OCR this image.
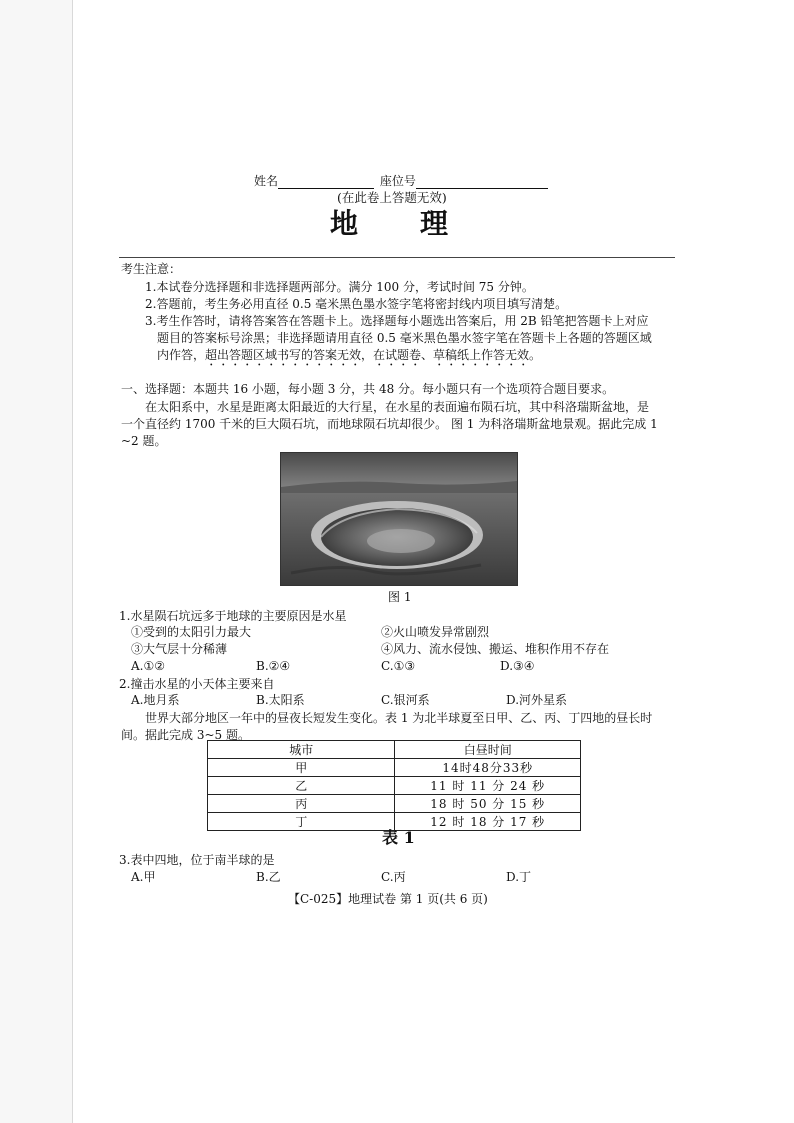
姓名	座位号
(在此卷上答题无效)
地　　理
考生注意：
1.本试卷分选择题和非选择题两部分。满分 100 分，考试时间 75 分钟。
2.答题前，考生务必用直径 0.5 毫米黑色墨水签字笔将密封线内项目填写清楚。
3.考生作答时，请将答案答在答题卡上。选择题每小题选出答案后，用 2B 铅笔把答题卡上对应
题目的答案标号涂黑；非选择题请用直径 0.5 毫米黑色墨水签字笔在答题卡上各题的答题区域
内作答，超出答题区域书写的答案无效，在试题卷、草稿纸上作答无效。
一、选择题：本题共 16 小题，每小题 3 分，共 48 分。每小题只有一个选项符合题目要求。
在太阳系中，水星是距离太阳最近的大行星，在水星的表面遍布陨石坑，其中科洛瑞斯盆地，是
一个直径约 1700 千米的巨大陨石坑，而地球陨石坑却很少。 图 1 为科洛瑞斯盆地景观。据此完成 1
~2 题。
图 1
1.水星陨石坑远多于地球的主要原因是水星
①受到的太阳引力最大	②火山喷发异常剧烈
③大气层十分稀薄	④风力、流水侵蚀、搬运、堆积作用不存在
A.①②	B.②④	C.①③	D.③④
2.撞击水星的小天体主要来自
A.地月系	B.太阳系	C.银河系	D.河外星系
世界大部分地区一年中的昼夜长短发生变化。表 1 为北半球夏至日甲、乙、丙、丁四地的昼长时
间。据此完成 3~5 题。
城市	白昼时间
甲	14时48分33秒
乙	11 时 11 分 24 秒
丙	18 时 50 分 15 秒
丁	12 时 18 分 17 秒
表 1
3.表中四地，位于南半球的是
A.甲	B.乙	C.丙	D.丁
【C-025】地理试卷 第 1 页(共 6 页)
